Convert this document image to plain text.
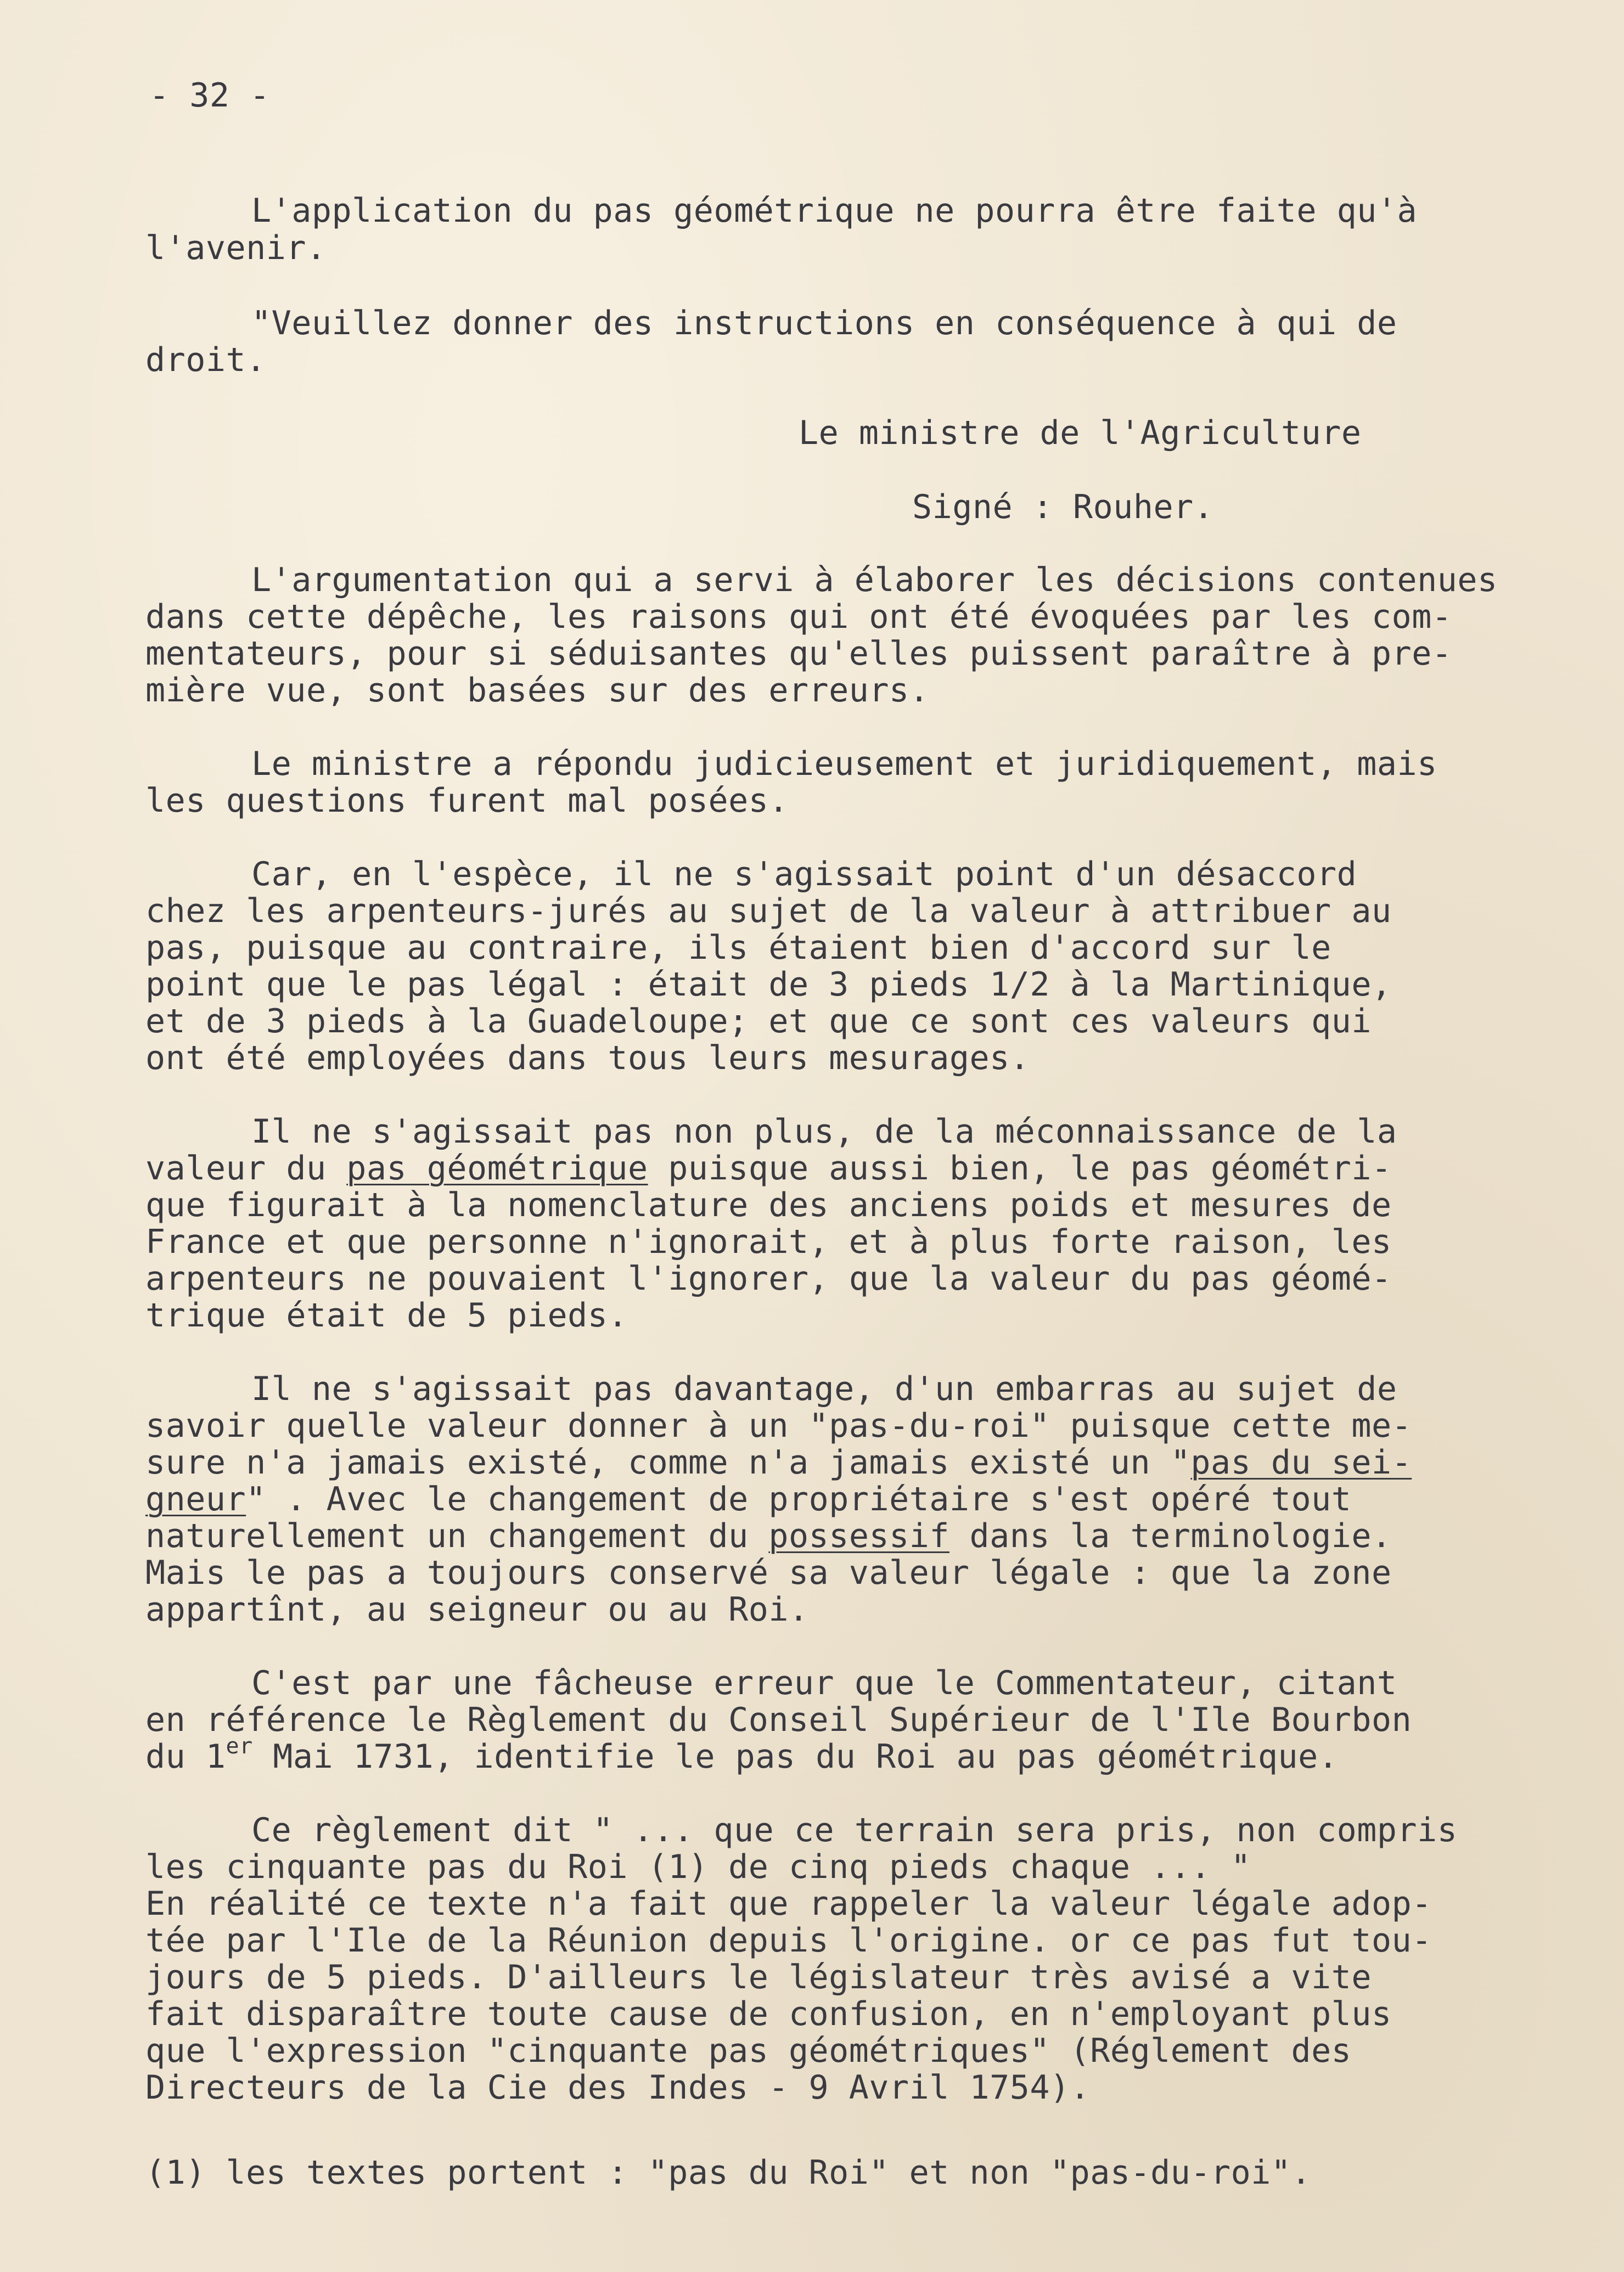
- 32 -
L'application du pas géométrique ne pourra être faite qu'à
l'avenir.
"Veuillez donner des instructions en conséquence à qui de
droit.
Le ministre de l'Agriculture
Signé : Rouher.
L'argumentation qui a servi à élaborer les décisions contenues
dans cette dépêche, les raisons qui ont été évoquées par les com-
mentateurs, pour si séduisantes qu'elles puissent paraître à pre-
mière vue, sont basées sur des erreurs.
Le ministre a répondu judicieusement et juridiquement, mais
les questions furent mal posées.
Car, en l'espèce, il ne s'agissait point d'un désaccord
chez les arpenteurs-jurés au sujet de la valeur à attribuer au
pas, puisque au contraire, ils étaient bien d'accord sur le
point que le pas légal : était de 3 pieds 1/2 à la Martinique,
et de 3 pieds à la Guadeloupe; et que ce sont ces valeurs qui
ont été employées dans tous leurs mesurages.
Il ne s'agissait pas non plus, de la méconnaissance de la
valeur du pas géométrique puisque aussi bien, le pas géométri-
que figurait à la nomenclature des anciens poids et mesures de
France et que personne n'ignorait, et à plus forte raison, les
arpenteurs ne pouvaient l'ignorer, que la valeur du pas géomé-
trique était de 5 pieds.
Il ne s'agissait pas davantage, d'un embarras au sujet de
savoir quelle valeur donner à un "pas-du-roi" puisque cette me-
sure n'a jamais existé, comme n'a jamais existé un "pas du sei-
gneur" . Avec le changement de propriétaire s'est opéré tout
naturellement un changement du possessif dans la terminologie.
Mais le pas a toujours conservé sa valeur légale : que la zone
appartînt, au seigneur ou au Roi.
C'est par une fâcheuse erreur que le Commentateur, citant
en référence le Règlement du Conseil Supérieur de l'Ile Bourbon
du 1er Mai 1731, identifie le pas du Roi au pas géométrique.
Ce règlement dit " ... que ce terrain sera pris, non compris
les cinquante pas du Roi (1) de cinq pieds chaque ... "
En réalité ce texte n'a fait que rappeler la valeur légale adop-
tée par l'Ile de la Réunion depuis l'origine. or ce pas fut tou-
jours de 5 pieds. D'ailleurs le législateur très avisé a vite
fait disparaître toute cause de confusion, en n'employant plus
que l'expression "cinquante pas géométriques" (Réglement des
Directeurs de la Cie des Indes - 9 Avril 1754).
(1) les textes portent : "pas du Roi" et non "pas-du-roi".
